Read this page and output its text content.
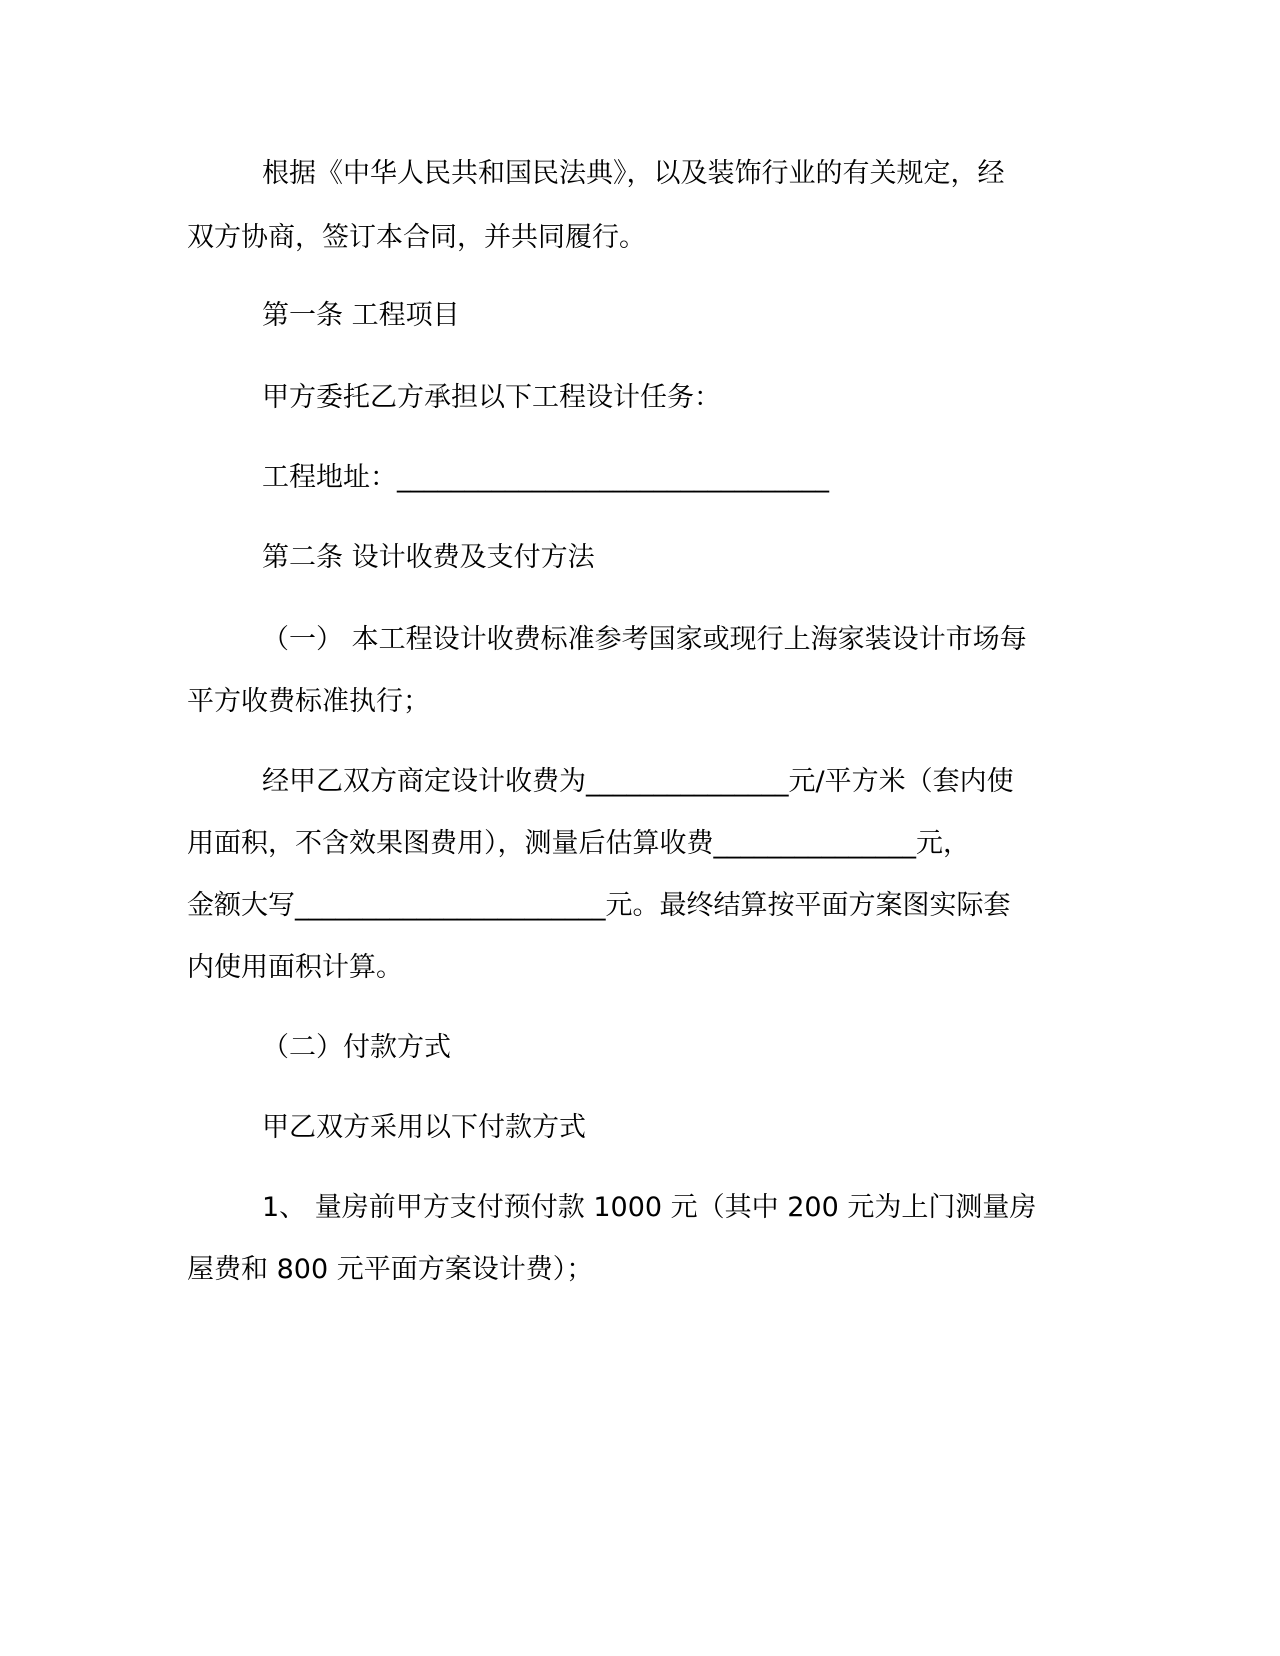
根据《中华人民共和国民法典》，以及装饰行业的有关规定，经
双方协商，签订本合同，并共同履行。
第一条 工程项目
甲方委托乙方承担以下工程设计任务：
工程地址：________________________________
第二条 设计收费及支付方法
（一） 本工程设计收费标准参考国家或现行上海家装设计市场每
平方收费标准执行；
经甲乙双方商定设计收费为_______________元/平方米（套内使
用面积，不含效果图费用），测量后估算收费_______________元，
金额大写_______________________元。最终结算按平面方案图实际套
内使用面积计算。
（二）付款方式
甲乙双方采用以下付款方式
1、 量房前甲方支付预付款 1000 元（其中 200 元为上门测量房
屋费和 800 元平面方案设计费）；
